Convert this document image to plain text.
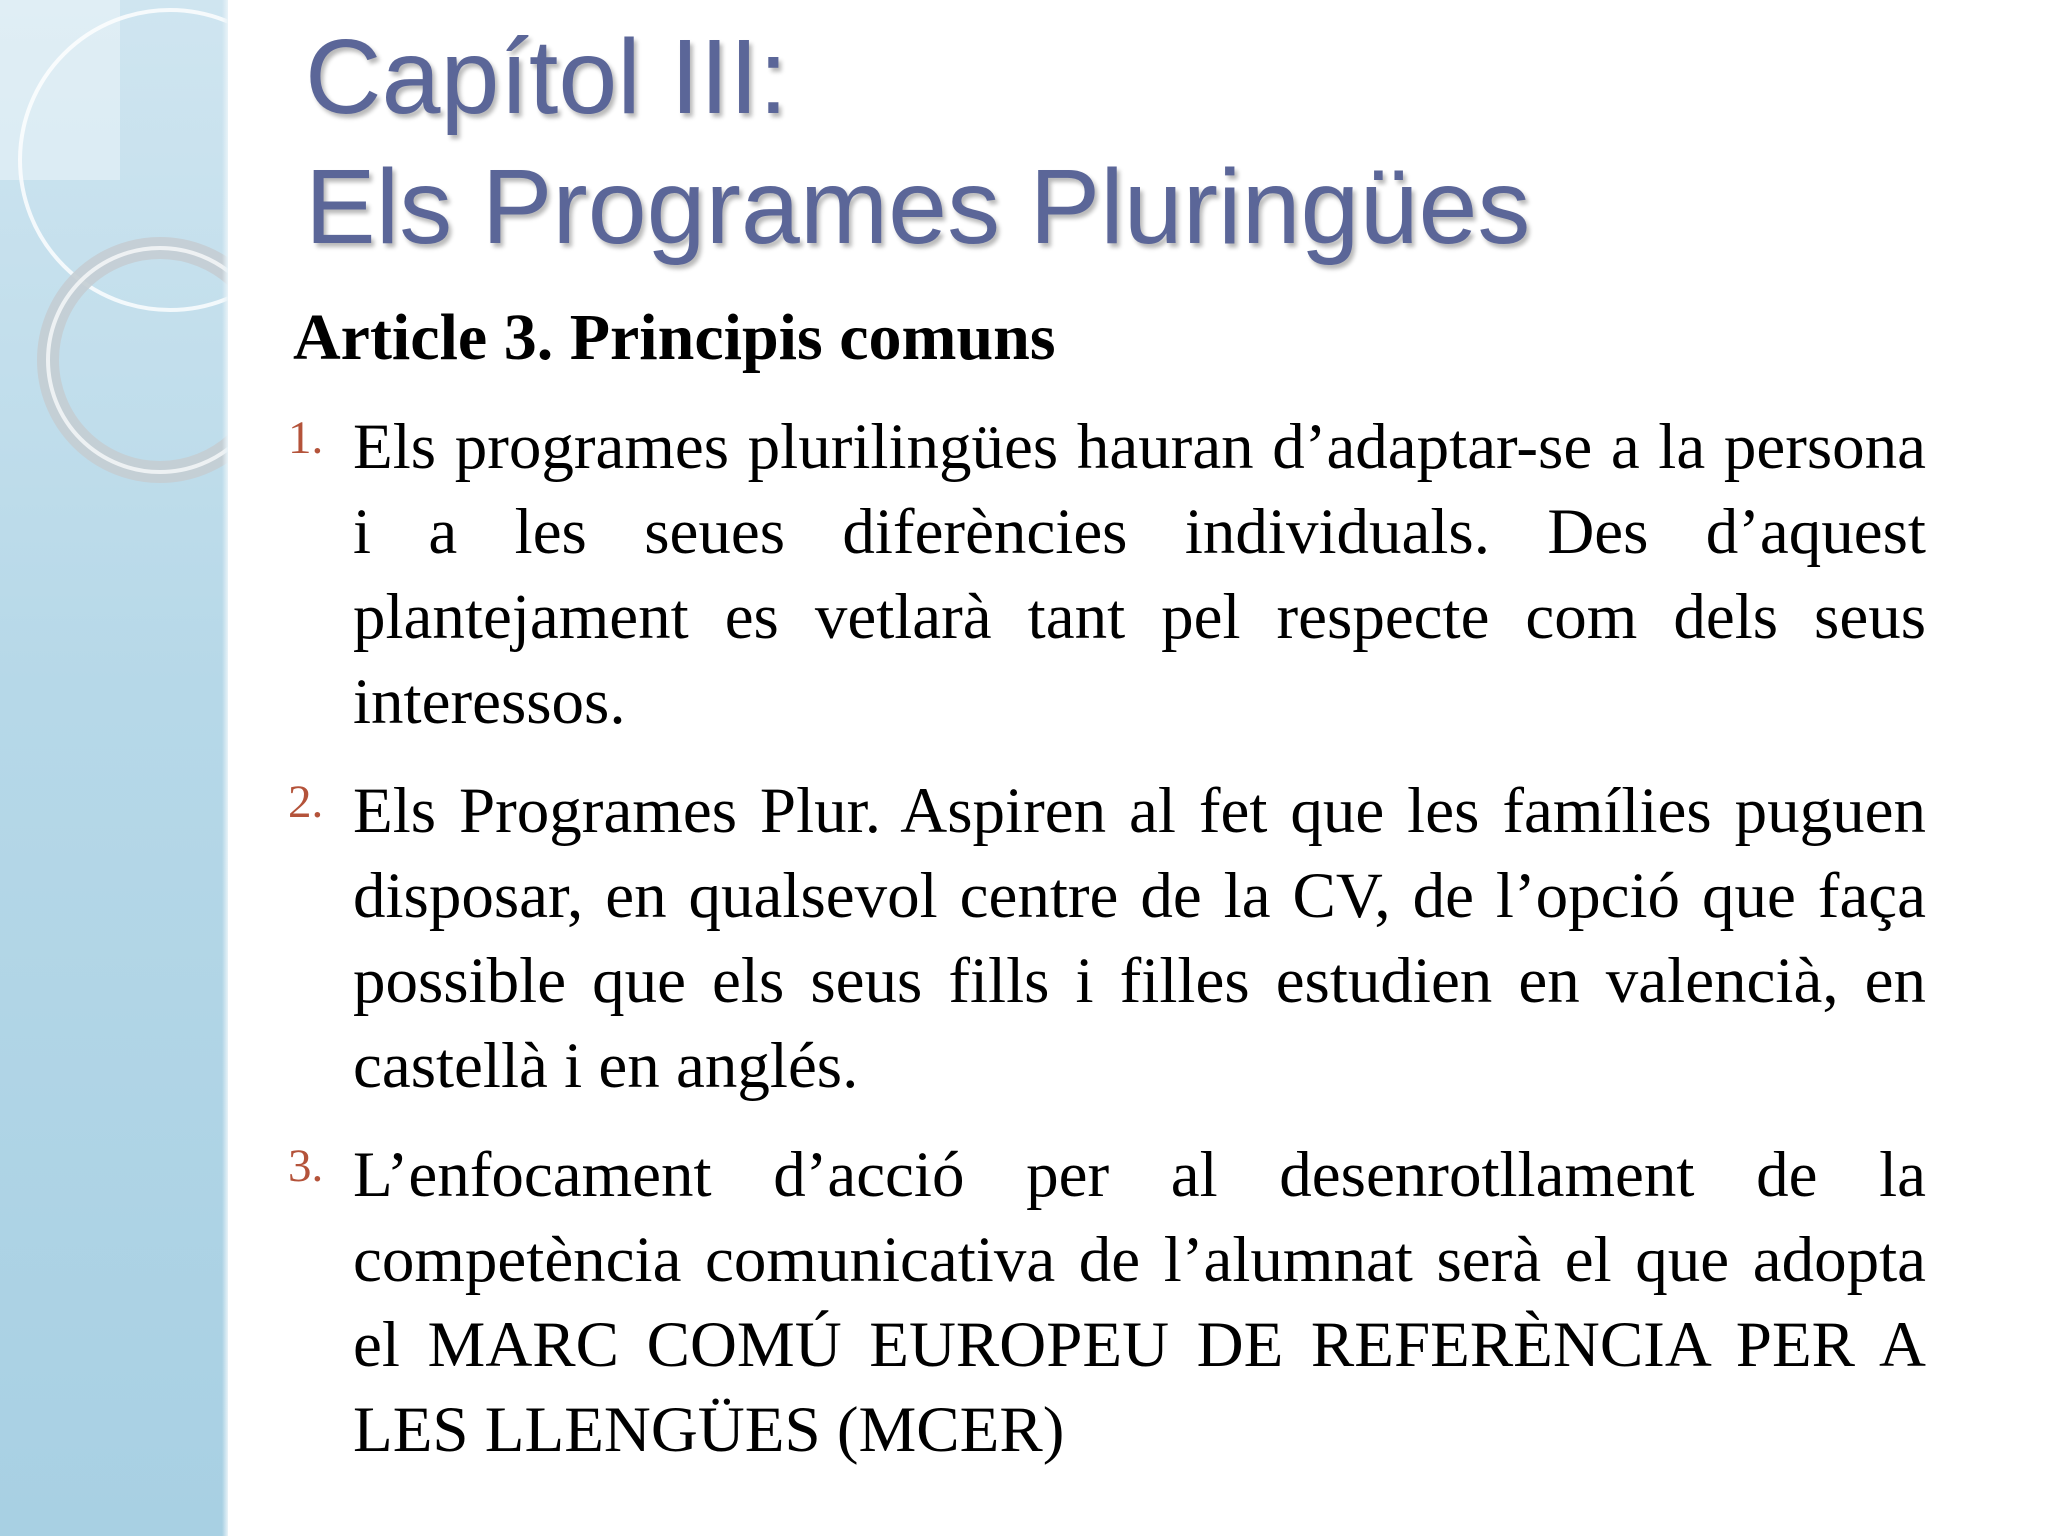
Capítol III:
Els Programes Pluringües
Article 3. Principis comuns
1. Els programes plurilingües hauran d’adaptar-se a la persona i a les seues diferències individuals. Des d’aquest plantejament es vetlarà tant pel respecte com dels seus interessos.
2. Els Programes Plur. Aspiren al fet que les famílies puguen disposar, en qualsevol centre de la CV, de l’opció que faça possible que els seus fills i filles estudien en valencià, en castellà i en anglés.
3. L’enfocament d’acció per al desenrotllament de la competència comunicativa de l’alumnat serà el que adopta el MARC COMÚ EUROPEU DE REFERÈNCIA PER A LES LLENGÜES (MCER)
